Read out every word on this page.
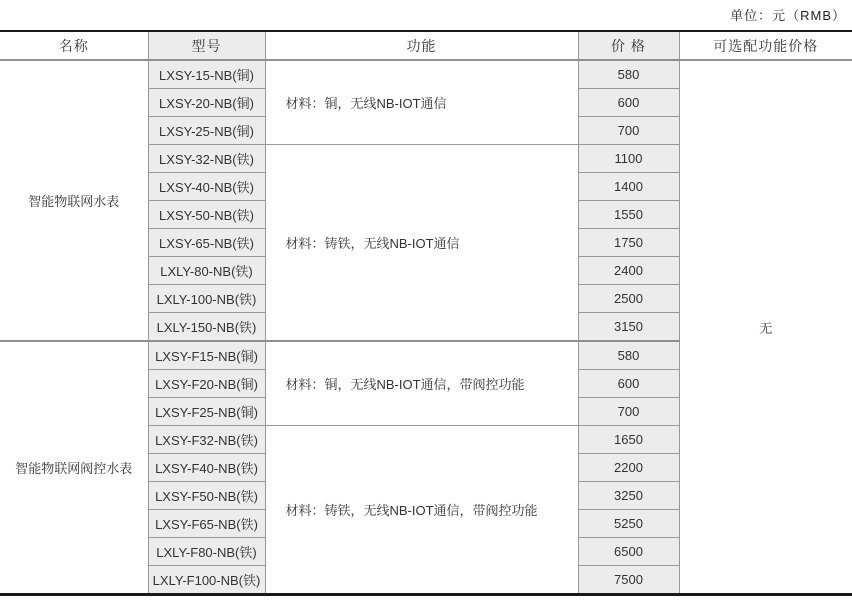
单位：元（RMB）
名称	型号	功能	价 格	可选配功能价格
智能物联网水表	LXSY-15-NB(铜)	材料：铜，无线NB-IOT通信	580	无
	LXSY-20-NB(铜)		600	
	LXSY-25-NB(铜)		700	
	LXSY-32-NB(铁)	材料：铸铁，无线NB-IOT通信	1100	
	LXSY-40-NB(铁)		1400	
	LXSY-50-NB(铁)		1550	
	LXSY-65-NB(铁)		1750	
	LXLY-80-NB(铁)		2400	
	LXLY-100-NB(铁)		2500	
	LXLY-150-NB(铁)		3150	
智能物联网阀控水表	LXSY-F15-NB(铜)	材料：铜，无线NB-IOT通信，带阀控功能	580	
	LXSY-F20-NB(铜)		600	
	LXSY-F25-NB(铜)		700	
	LXSY-F32-NB(铁)	材料：铸铁，无线NB-IOT通信，带阀控功能	1650	
	LXSY-F40-NB(铁)		2200	
	LXSY-F50-NB(铁)		3250	
	LXSY-F65-NB(铁)		5250	
	LXLY-F80-NB(铁)		6500	
	LXLY-F100-NB(铁)		7500	
